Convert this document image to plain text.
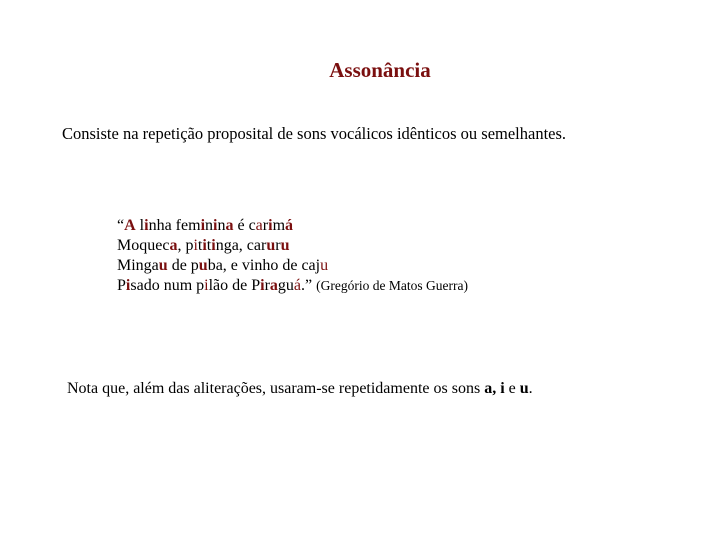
Assonância
Consiste na repetição proposital de sons vocálicos idênticos ou semelhantes.
“A linha feminina é carimá
Moqueca, pititinga, caruru
Mingau de puba, e vinho de caju
Pisado num pilão de Piraguá.” (Gregório de Matos Guerra)
Nota que, além das aliterações, usaram-se repetidamente os sons a, i e u.
